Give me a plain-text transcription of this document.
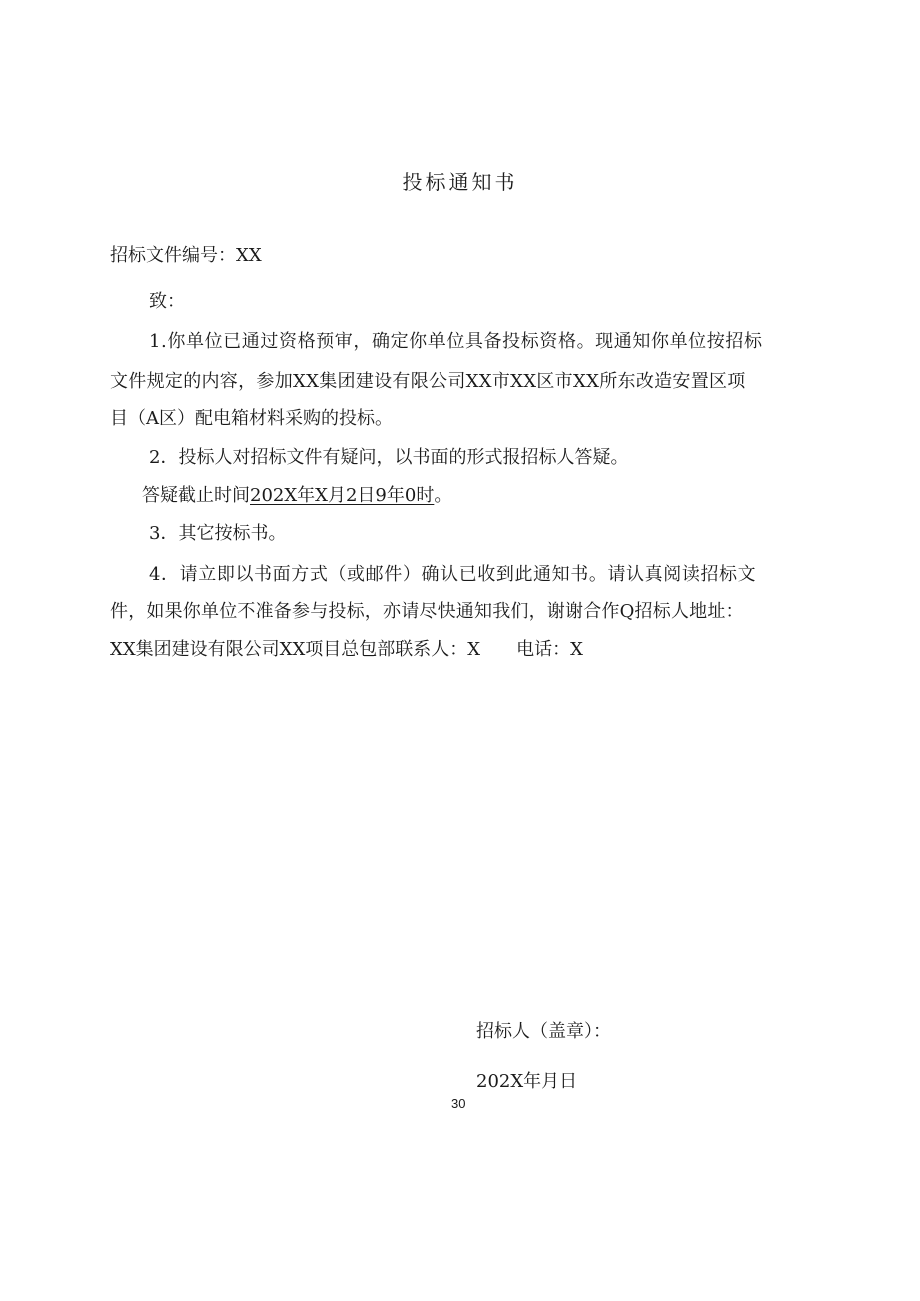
投标通知书
招标文件编号：XX
致：
1.你单位已通过资格预审，确定你单位具备投标资格。现通知你单位按招标
文件规定的内容，参加XX集团建设有限公司XX市XX区市XX所东改造安置区项
目（A区）配电箱材料采购的投标。
2．投标人对招标文件有疑问，以书面的形式报招标人答疑。
答疑截止时间202X年X月2日9年0时。
3．其它按标书。
4．请立即以书面方式（或邮件）确认已收到此通知书。请认真阅读招标文
件，如果你单位不准备参与投标，亦请尽快通知我们，谢谢合作Q招标人地址：
XX集团建设有限公司XX项目总包部联系人：X 电话：X
招标人（盖章）：
202X年月日
30
